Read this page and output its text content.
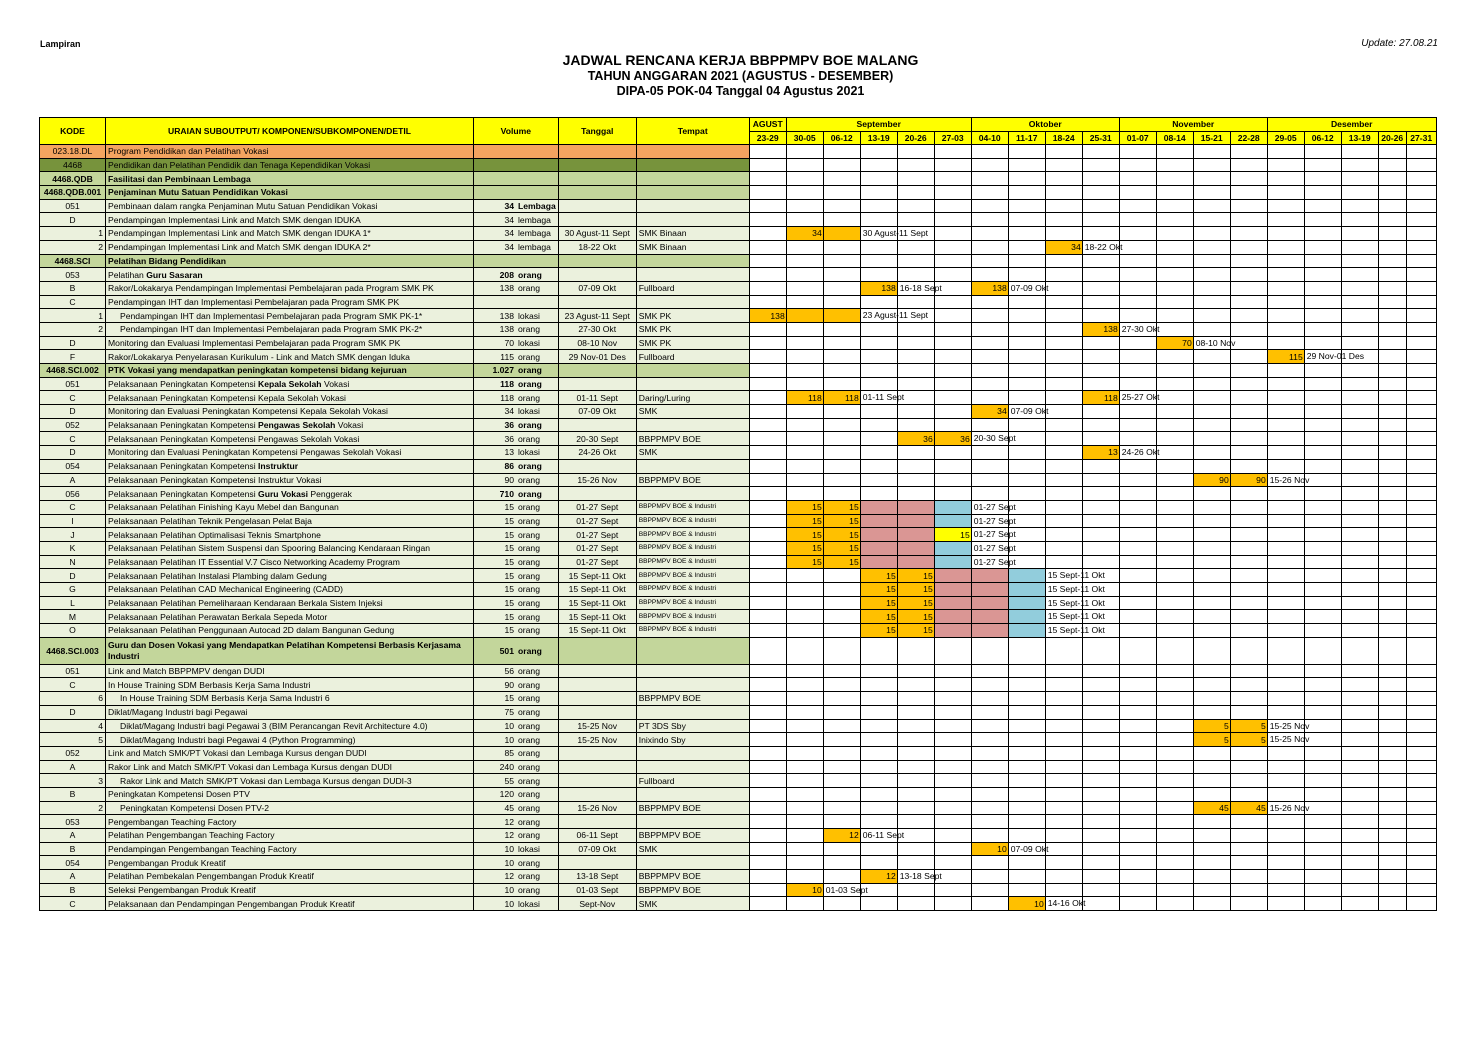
Lampiran	Update: 27.08.21
JADWAL RENCANA KERJA BBPPMPV BOE MALANG
TAHUN ANGGARAN 2021 (AGUSTUS - DESEMBER)
DIPA-05 POK-04 Tanggal 04 Agustus 2021
KODE	URAIAN SUBOUTPUT/ KOMPONEN/SUBKOMPONEN/DETIL	Volume	Tanggal	Tempat	AGUST	September					Oktober				November				Desember				
					23-29	30-05	06-12	13-19	20-26	27-03	04-10	11-17	18-24	25-31	01-07	08-14	15-21	22-28	29-05	06-12	13-19	20-26	27-31
023.18.DL	Program Pendidikan dan Pelatihan Vokasi																						
4468	Pendidikan dan Pelatihan Pendidik dan Tenaga Kependidikan Vokasi																						
4468.QDB	Fasilitasi dan Pembinaan Lembaga																						
4468.QDB.001	Penjaminan Mutu Satuan Pendidikan Vokasi																						
051	Pembinaan dalam rangka Penjaminan Mutu Satuan Pendidikan Vokasi	34 Lembaga																					

D	Pendampingan Implementasi Link and Match SMK dengan IDUKA	34 lembaga																					

1	Pendampingan Implementasi Link and Match SMK dengan IDUKA 1*	34 lembaga	30 Agust-11 Sept	SMK Binaan		34		30 Agust-11 Sept															

2	Pendampingan Implementasi Link and Match SMK dengan IDUKA 2*	34 lembaga	18-22 Okt	SMK Binaan									34	18-22 Okt									

4468.SCI	Pelatihan Bidang Pendidikan																						
053	Pelatihan Guru Sasaran	208 orang																					

B	Rakor/Lokakarya Pendampingan Implementasi Pembelajaran pada Program SMK PK	138 orang	07-09 Okt	Fullboard				138	16-18 Sept		138	07-09 Okt											

C	Pendampingan IHT dan Implementasi Pembelajaran pada Program SMK PK																						
1	Pendampingan IHT dan Implementasi Pembelajaran pada Program SMK PK-1*	138 lokasi	23 Agust-11 Sept	SMK PK	138			23 Agust-11 Sept															

2	Pendampingan IHT dan Implementasi Pembelajaran pada Program SMK PK-2*	138 orang	27-30 Okt	SMK PK										138	27-30 Okt								

D	Monitoring dan Evaluasi Implementasi Pembelajaran pada Program SMK PK	70 lokasi	08-10 Nov	SMK PK												70	08-10 Nov						

F	Rakor/Lokakarya Penyelarasan Kurikulum - Link and Match SMK dengan Iduka	115 orang	29 Nov-01 Des	Fullboard															115	29 Nov-01 Des			

4468.SCI.002	PTK Vokasi yang mendapatkan peningkatan kompetensi bidang kejuruan	1.027 orang																					

051	Pelaksanaan Peningkatan Kompetensi Kepala Sekolah Vokasi	118 orang																					

C	Pelaksanaan Peningkatan Kompetensi Kepala Sekolah Vokasi	118 orang	01-11 Sept	Daring/Luring		118	118	01-11 Sept						118	25-27 Okt								

D	Monitoring dan Evaluasi Peningkatan Kompetensi Kepala Sekolah Vokasi	34 lokasi	07-09 Okt	SMK							34	07-09 Okt											

052	Pelaksanaan Peningkatan Kompetensi Pengawas Sekolah Vokasi	36 orang																					

C	Pelaksanaan Peningkatan Kompetensi Pengawas Sekolah Vokasi	36 orang	20-30 Sept	BBPPMPV BOE					36	36	20-30 Sept												

D	Monitoring dan Evaluasi Peningkatan Kompetensi Pengawas Sekolah Vokasi	13 lokasi	24-26 Okt	SMK										13	24-26 Okt								

054	Pelaksanaan Peningkatan Kompetensi Instruktur	86 orang																					

A	Pelaksanaan Peningkatan Kompetensi Instruktur Vokasi	90 orang	15-26 Nov	BBPPMPV BOE													90	90	15-26 Nov				

056	Pelaksanaan Peningkatan Kompetensi Guru Vokasi Penggerak	710 orang																					

C	Pelaksanaan Pelatihan Finishing Kayu Mebel dan Bangunan	15 orang	01-27 Sept	BBPPMPV BOE & Industri		15	15				01-27 Sept												

I	Pelaksanaan Pelatihan Teknik Pengelasan Pelat Baja	15 orang	01-27 Sept	BBPPMPV BOE & Industri		15	15				01-27 Sept												

J	Pelaksanaan Pelatihan Optimalisasi Teknis Smartphone	15 orang	01-27 Sept	BBPPMPV BOE & Industri		15	15			15	01-27 Sept												

K	Pelaksanaan Pelatihan Sistem Suspensi dan Spooring Balancing Kendaraan Ringan	15 orang	01-27 Sept	BBPPMPV BOE & Industri		15	15				01-27 Sept												

N	Pelaksanaan Pelatihan IT Essential V.7 Cisco Networking Academy Program	15 orang	01-27 Sept	BBPPMPV BOE & Industri		15	15				01-27 Sept												

D	Pelaksanaan Pelatihan Instalasi Plambing dalam Gedung	15 orang	15 Sept-11 Okt	BBPPMPV BOE & Industri				15	15				15 Sept-11 Okt										

G	Pelaksanaan Pelatihan CAD Mechanical Engineering (CADD)	15 orang	15 Sept-11 Okt	BBPPMPV BOE & Industri				15	15				15 Sept-11 Okt										

L	Pelaksanaan Pelatihan Pemeliharaan Kendaraan Berkala Sistem Injeksi	15 orang	15 Sept-11 Okt	BBPPMPV BOE & Industri				15	15				15 Sept-11 Okt										

M	Pelaksanaan Pelatihan Perawatan Berkala Sepeda Motor	15 orang	15 Sept-11 Okt	BBPPMPV BOE & Industri				15	15				15 Sept-11 Okt										

O	Pelaksanaan Pelatihan Penggunaan Autocad 2D dalam Bangunan Gedung	15 orang	15 Sept-11 Okt	BBPPMPV BOE & Industri				15	15				15 Sept-11 Okt										

4468.SCI.003	Guru dan Dosen Vokasi yang Mendapatkan Pelatihan Kompetensi Berbasis Kerjasama Industri	501 orang																					

051	Link and Match BBPPMPV dengan DUDI	56 orang																					

C	In House Training SDM Berbasis Kerja Sama Industri	90 orang																					

6	In House Training SDM Berbasis Kerja Sama Industri 6	15 orang		BBPPMPV BOE																			
D	Diklat/Magang Industri bagi Pegawai	75 orang																					

4	Diklat/Magang Industri bagi Pegawai 3 (BIM Perancangan Revit Architecture 4.0)	10 orang	15-25 Nov	PT 3DS Sby													5	5	15-25 Nov				

5	Diklat/Magang Industri bagi Pegawai 4 (Python Programming)	10 orang	15-25 Nov	Inixindo Sby													5	5	15-25 Nov				

052	Link and Match SMK/PT Vokasi dan Lembaga Kursus dengan DUDI	85 orang																					

A	Rakor Link and Match SMK/PT Vokasi dan Lembaga Kursus dengan DUDI	240 orang																					

3	Rakor Link and Match SMK/PT Vokasi dan Lembaga Kursus dengan DUDI-3	55 orang		Fullboard																			
B	Peningkatan Kompetensi Dosen PTV	120 orang																					

2	Peningkatan Kompetensi Dosen PTV-2	45 orang	15-26 Nov	BBPPMPV BOE													45	45	15-26 Nov				

053	Pengembangan Teaching Factory	12 orang																					

A	Pelatihan Pengembangan Teaching Factory	12 orang	06-11 Sept	BBPPMPV BOE			12	06-11 Sept															

B	Pendampingan Pengembangan Teaching Factory	10 lokasi	07-09 Okt	SMK							10	07-09 Okt											

054	Pengembangan Produk Kreatif	10 orang																					

A	Pelatihan Pembekalan Pengembangan Produk Kreatif	12 orang	13-18 Sept	BBPPMPV BOE				12	13-18 Sept														

B	Seleksi Pengembangan Produk Kreatif	10 orang	01-03 Sept	BBPPMPV BOE		10	01-03 Sept																

C	Pelaksanaan dan Pendampingan Pengembangan Produk Kreatif	10 lokasi	Sept-Nov	SMK								10	14-16 Okt										
